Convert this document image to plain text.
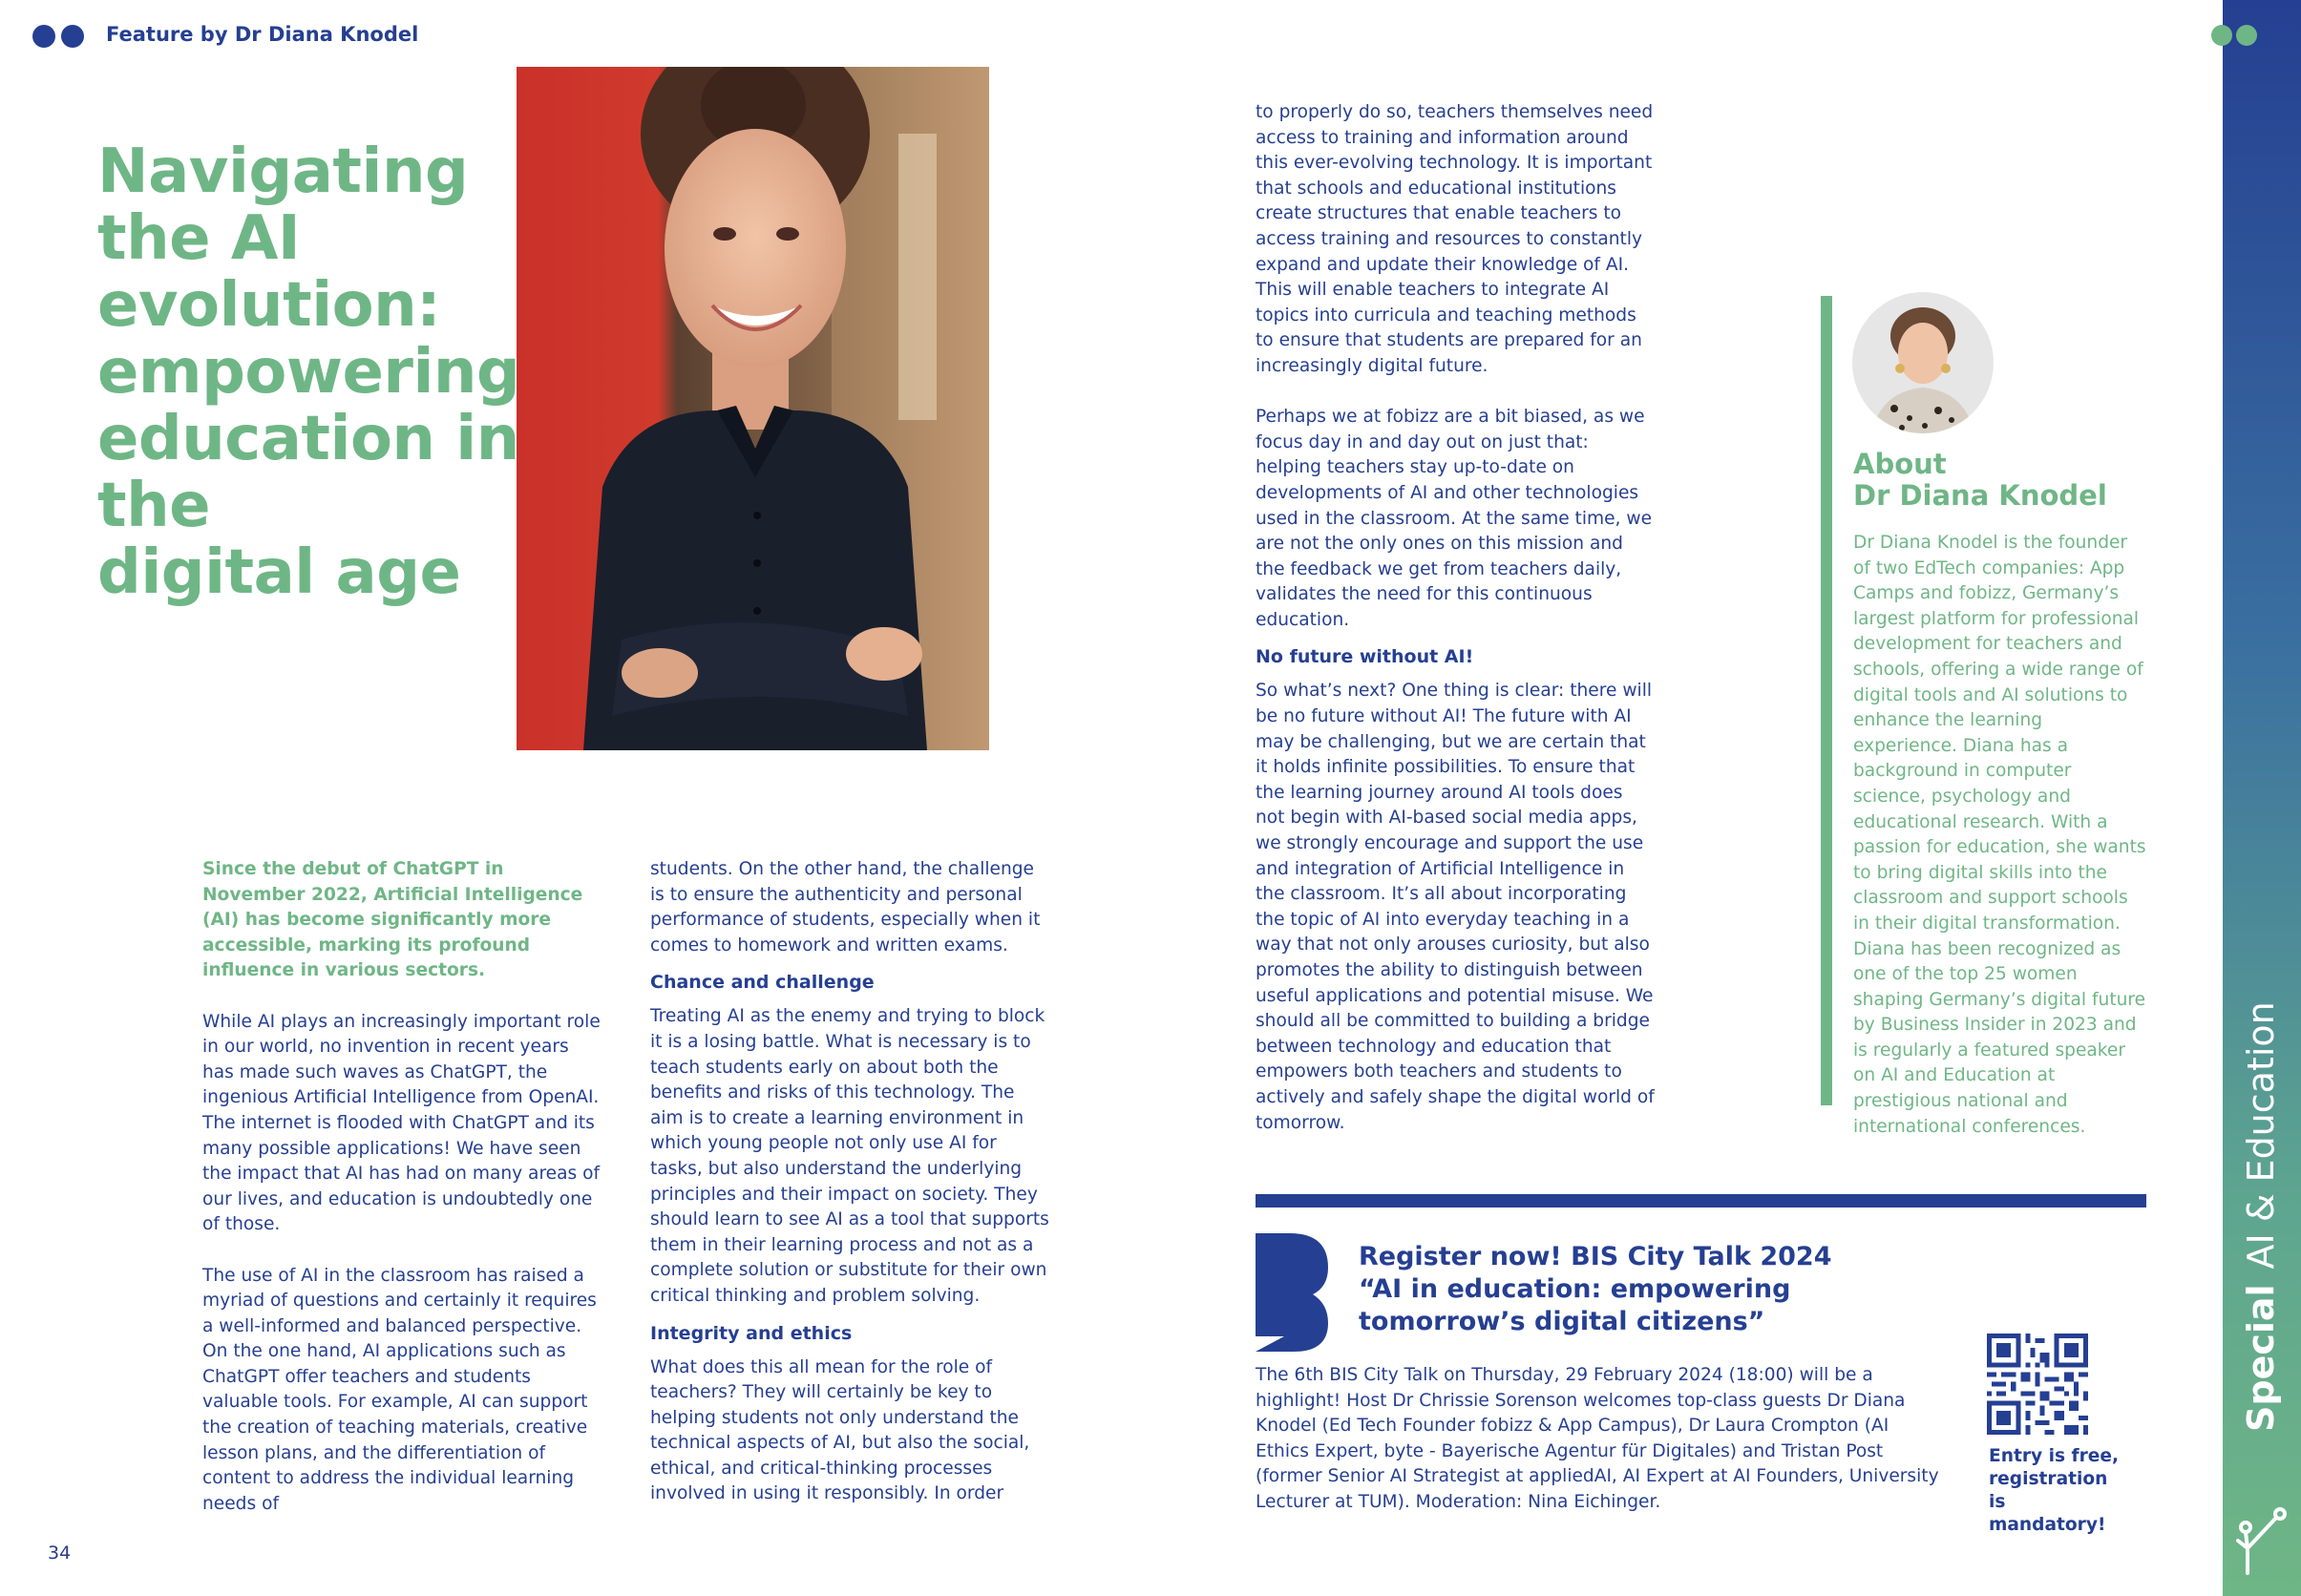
Feature by Dr Diana Knodel
SpecialAI & Education
Navigating
the AI evolution:
empowering
education in the
digital age

Since the debut of ChatGPT in November 2022, Artificial Intelligence (AI) has become significantly more accessible, marking its profound influence in various sectors.

While AI plays an increasingly important role in our world, no invention in recent years has made such waves as ChatGPT, the ingenious Artificial Intelligence from OpenAI. The internet is flooded with ChatGPT and its many possible applications! We have seen the impact that AI has had on many areas of our lives, and education is undoubtedly one of those.

The use of AI in the classroom has raised a myriad of questions and certainly it requires a well-informed and balanced perspective. On the one hand, AI applications such as ChatGPT offer teachers and students valuable tools. For example, AI can support the creation of teaching materials, creative lesson plans, and the differentiation of content to address the individual learning needs of

students. On the other hand, the challenge is to ensure the authenticity and personal performance of students, especially when it comes to homework and written exams.

Chance and challenge

Treating AI as the enemy and trying to block it is a losing battle. What is necessary is to teach students early on about both the benefits and risks of this technology. The aim is to create a learning environment in which young people not only use AI for tasks, but also understand the underlying principles and their impact on society. They should learn to see AI as a tool that supports them in their learning process and not as a complete solution or substitute for their own critical thinking and problem solving.

Integrity and ethics

What does this all mean for the role of teachers? They will certainly be key to helping students not only understand the technical aspects of AI, but also the social, ethical, and critical-thinking processes involved in using it responsibly. In order

to properly do so, teachers themselves need access to training and information around this ever-evolving technology. It is important that schools and educational institutions create structures that enable teachers to access training and resources to constantly expand and update their knowledge of AI. This will enable teachers to integrate AI topics into curricula and teaching methods to ensure that students are prepared for an increasingly digital future.

Perhaps we at fobizz are a bit biased, as we focus day in and day out on just that: helping teachers stay up-to-date on developments of AI and other technologies used in the classroom. At the same time, we are not the only ones on this mission and the feedback we get from teachers daily, validates the need for this continuous education.

No future without AI!

So what’s next? One thing is clear: there will be no future without AI! The future with AI may be challenging, but we are certain that it holds infinite possibilities. To ensure that the learning journey around AI tools does not begin with AI-based social media apps, we strongly encourage and support the use and integration of Artificial Intelligence in the classroom. It’s all about incorporating the topic of AI into everyday teaching in a way that not only arouses curiosity, but also promotes the ability to distinguish between useful applications and potential misuse. We should all be committed to building a bridge between technology and education that empowers both teachers and students to actively and safely shape the digital world of tomorrow.

About
Dr Diana Knodel
Dr Diana Knodel is the founder of two EdTech companies: App Camps and fobizz, Germany’s largest platform for professional development for teachers and schools, offering a wide range of digital tools and AI solutions to enhance the learning experience. Diana has a background in computer science, psychology and educational research. With a passion for education, she wants to bring digital skills into the classroom and support schools in their digital transformation. Diana has been recognized as one of the top 25 women shaping Germany’s digital future by Business Insider in 2023 and is regularly a featured speaker on AI and Education at prestigious national and international conferences.
Register now! BIS City Talk 2024
“AI in education: empowering
tomorrow’s digital citizens”
The 6th BIS City Talk on Thursday, 29 February 2024 (18:00) will be a highlight! Host Dr Chrissie Sorenson welcomes top-class guests Dr Diana Knodel (Ed Tech Founder fobizz & App Campus), Dr Laura Crompton (AI Ethics Expert, byte - Bayerische Agentur für Digitales) and Tristan Post (former Senior AI Strategist at appliedAI, AI Expert at AI Founders, University Lecturer at TUM). Moderation: Nina Eichinger.
Entry is free, registration is mandatory!
34
